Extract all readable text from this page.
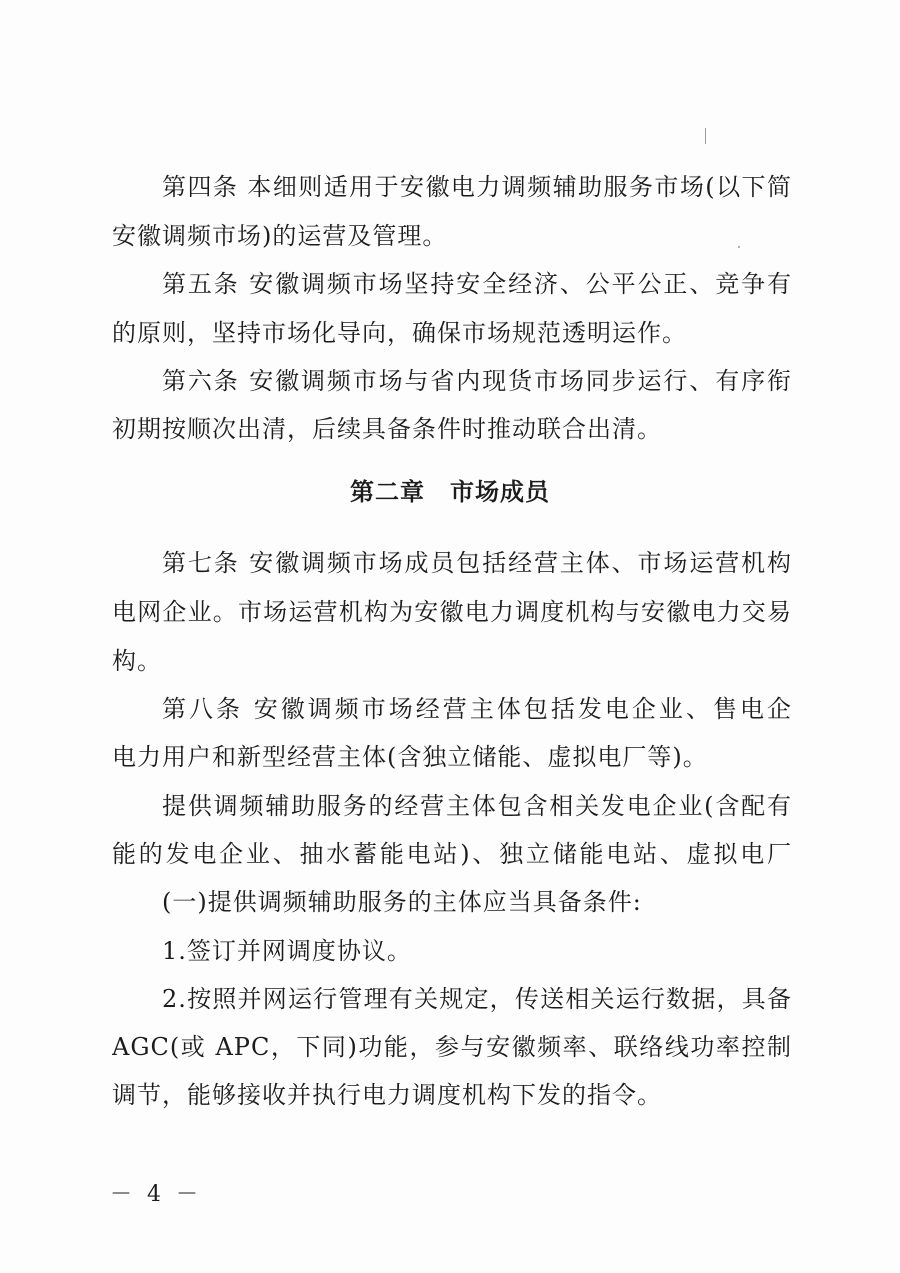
第四条 本细则适用于安徽电力调频辅助服务市场(以下简
安徽调频市场)的运营及管理。
第五条 安徽调频市场坚持安全经济、公平公正、竞争有
的原则，坚持市场化导向，确保市场规范透明运作。
第六条 安徽调频市场与省内现货市场同步运行、有序衔
初期按顺次出清，后续具备条件时推动联合出清。
第二章　市场成员
第七条 安徽调频市场成员包括经营主体、市场运营机构
电网企业。市场运营机构为安徽电力调度机构与安徽电力交易
构。
第八条 安徽调频市场经营主体包括发电企业、售电企
电力用户和新型经营主体(含独立储能、虚拟电厂等)。
提供调频辅助服务的经营主体包含相关发电企业(含配有
能的发电企业、抽水蓄能电站)、独立储能电站、虚拟电厂
(一)提供调频辅助服务的主体应当具备条件:
1.签订并网调度协议。
2.按照并网运行管理有关规定，传送相关运行数据，具备
AGC(或 APC，下同)功能，参与安徽频率、联络线功率控制
调节，能够接收并执行电力调度机构下发的指令。
－ 4 －
